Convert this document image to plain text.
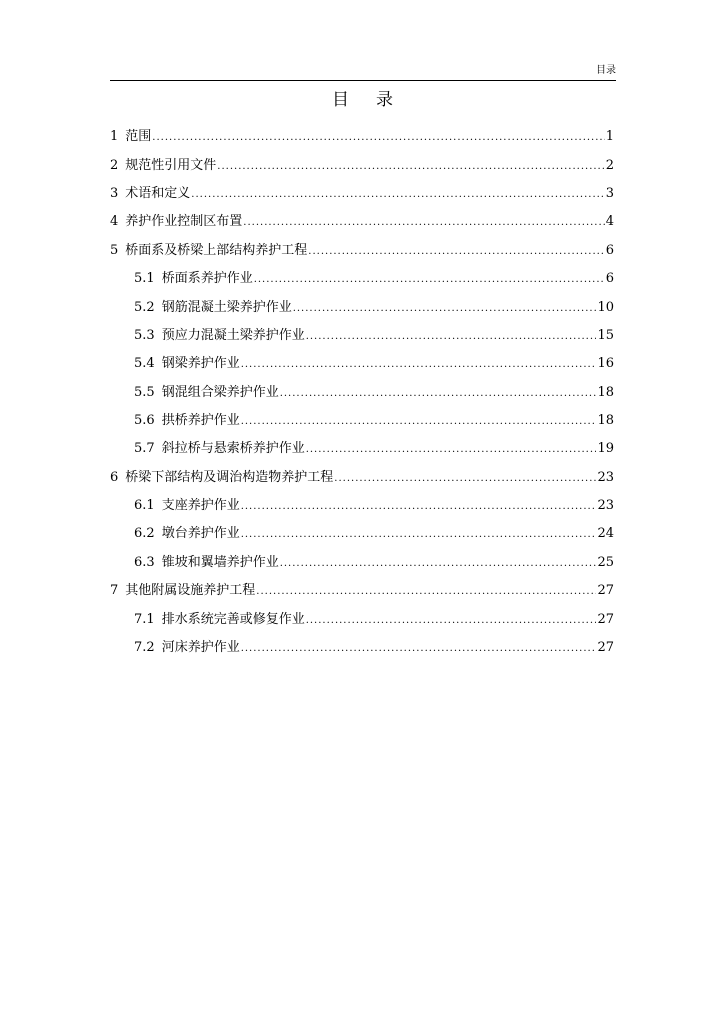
目录
目 录
1 范围 .....	1
2 规范性引用文件 .....	2
3 术语和定义 .....	3
4 养护作业控制区布置 .....	4
5 桥面系及桥梁上部结构养护工程 .....	6
5.1 桥面系养护作业 .....	6
5.2 钢筋混凝土梁养护作业 .....	10
5.3 预应力混凝土梁养护作业 .....	15
5.4 钢梁养护作业 .....	16
5.5 钢混组合梁养护作业 .....	18
5.6 拱桥养护作业 .....	18
5.7 斜拉桥与悬索桥养护作业 .....	19
6 桥梁下部结构及调治构造物养护工程 .....	23
6.1 支座养护作业 .....	23
6.2 墩台养护作业 .....	24
6.3 锥坡和翼墙养护作业 .....	25
7 其他附属设施养护工程 .....	27
7.1 排水系统完善或修复作业 .....	27
7.2 河床养护作业 .....	27
